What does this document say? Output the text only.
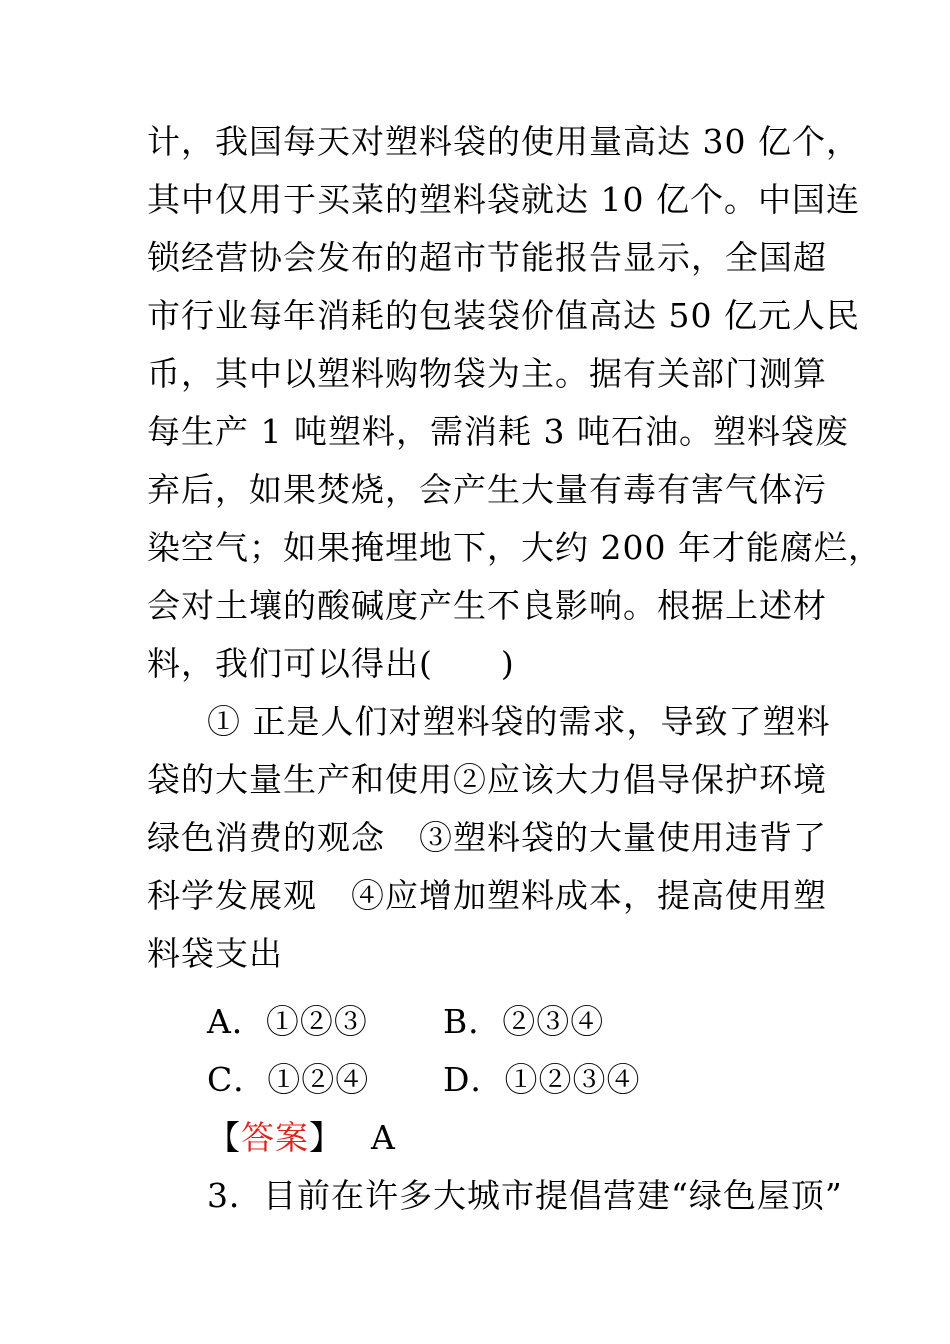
计，我国每天对塑料袋的使用量高达 30 亿个，
其中仅用于买菜的塑料袋就达 10 亿个。中国连
锁经营协会发布的超市节能报告显示，全国超
市行业每年消耗的包装袋价值高达 50 亿元人民
币，其中以塑料购物袋为主。据有关部门测算
每生产 1 吨塑料，需消耗 3 吨石油。塑料袋废
弃后，如果焚烧，会产生大量有毒有害气体污
染空气；如果掩埋地下，大约 200 年才能腐烂，
会对土壤的酸碱度产生不良影响。根据上述材
料，我们可以得出(　　)
① 正是人们对塑料袋的需求，导致了塑料
袋的大量生产和使用②应该大力倡导保护环境
绿色消费的观念　③塑料袋的大量使用违背了
科学发展观　④应增加塑料成本，提高使用塑
料袋支出
A．①②③ B．②③④
C．①②④ D．①②③④
【答案】 A
3．目前在许多大城市提倡营建“绿色屋顶”
